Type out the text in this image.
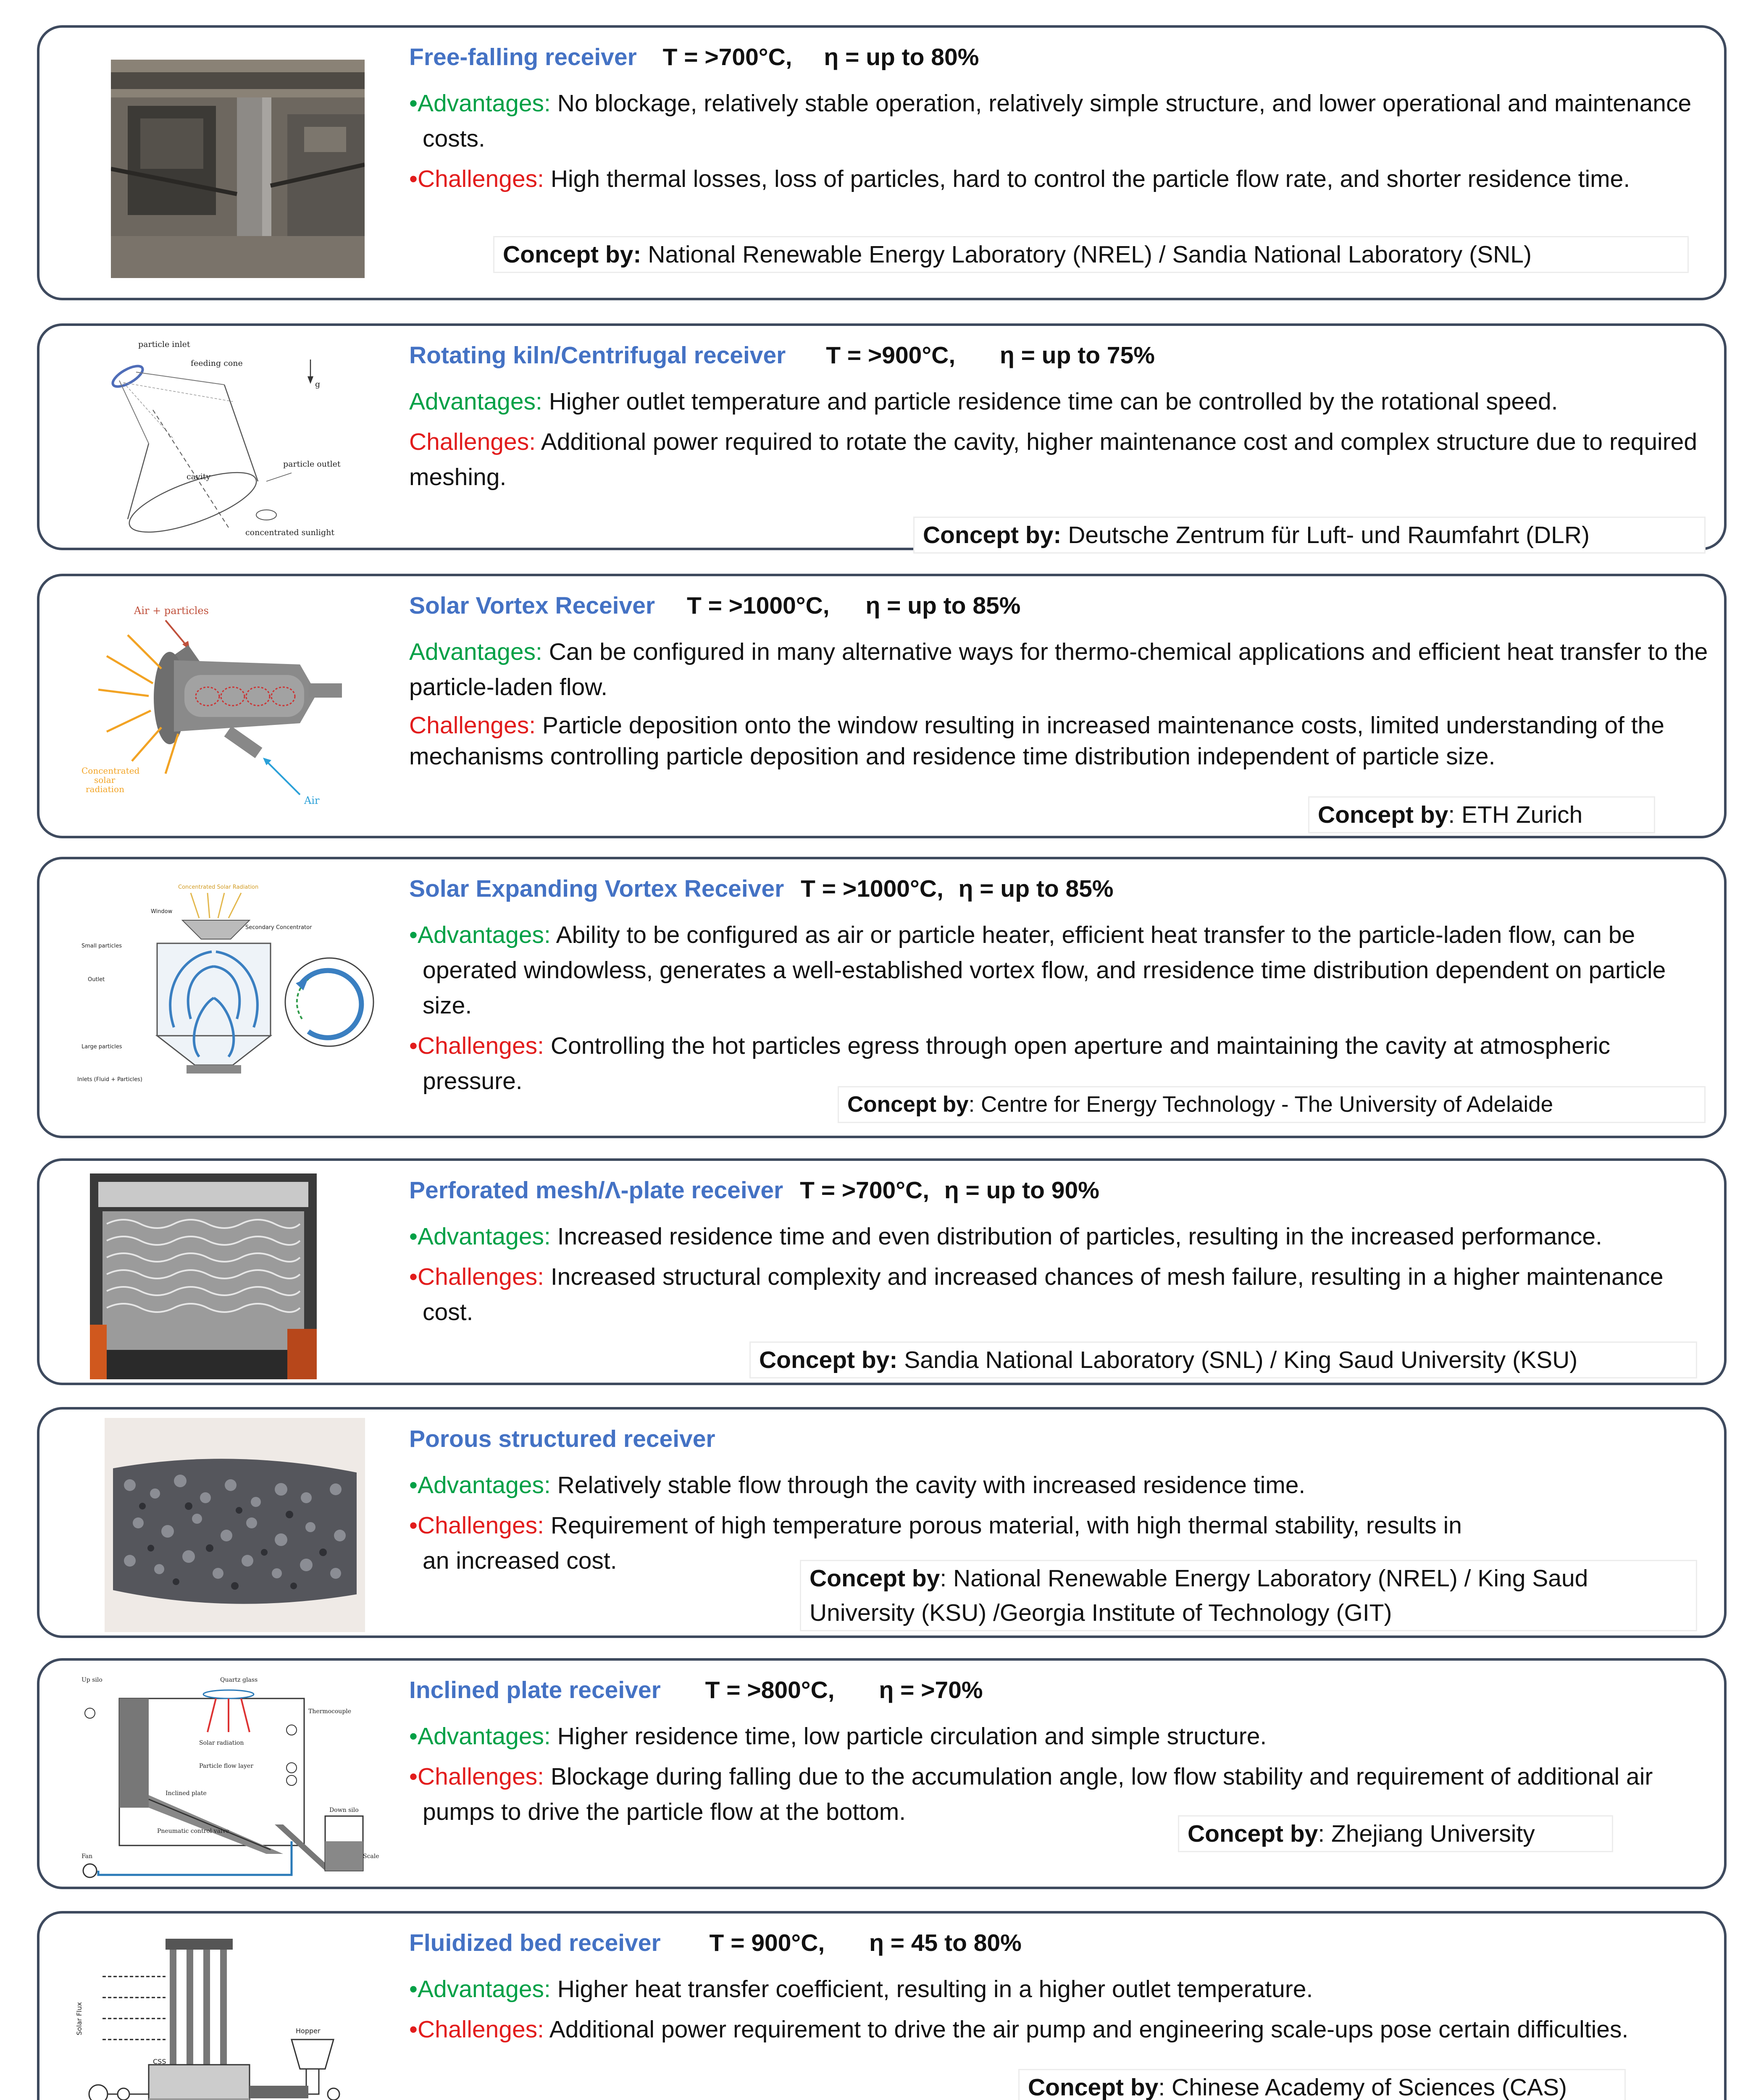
Free-falling receiver T = >700°C, η = up to 80%
•Advantages: No blockage, relatively stable operation, relatively simple structure, and lower operational and maintenance costs.
•Challenges: High thermal losses, loss of particles, hard to control the particle flow rate, and shorter residence time.
Concept by: National Renewable Energy Laboratory (NREL) / Sandia National Laboratory (SNL)
particle inlet
feeding cone
particle outlet
cavity
concentrated sunlight
g
Rotating kiln/Centrifugal receiver T = >900°C, η = up to 75%
Advantages: Higher outlet temperature and particle residence time can be controlled by the rotational speed.
Challenges: Additional power required to rotate the cavity, higher maintenance cost and complex structure due to required meshing.
Concept by: Deutsche Zentrum für Luft- und Raumfahrt (DLR)
Air + particles
Air
Concentrated
solar
radiation
Solar Vortex Receiver T = >1000°C, η = up to 85%
Advantages: Can be configured in many alternative ways for thermo-chemical applications and efficient heat transfer to the particle-laden flow.
Challenges: Particle deposition onto the window resulting in increased maintenance costs, limited understanding of the mechanisms controlling particle deposition and residence time distribution independent of particle size.
Concept by: ETH Zurich
Concentrated Solar Radiation
Window
Secondary Concentrator
Small particles
Outlet
Large particles
Inlets (Fluid + Particles)
Solar Expanding Vortex Receiver T = >1000°C, η = up to 85%
•Advantages: Ability to be configured as air or particle heater, efficient heat transfer to the particle-laden flow, can be operated windowless, generates a well-established vortex flow, and rresidence time distribution dependent on particle size.
•Challenges: Controlling the hot particles egress through open aperture and maintaining the cavity at atmospheric pressure.
Concept by: Centre for Energy Technology - The University of Adelaide
Perforated mesh/Λ-plate receiver T = >700°C, η = up to 90%
•Advantages: Increased residence time and even distribution of particles, resulting in the increased performance.
•Challenges: Increased structural complexity and increased chances of mesh failure, resulting in a higher maintenance cost.
Concept by: Sandia National Laboratory (SNL) / King Saud University (KSU)
Porous structured receiver
•Advantages: Relatively stable flow through the cavity with increased residence time.
•Challenges: Requirement of high temperature porous material, with high thermal stability, results in an increased cost.
Concept by: National Renewable Energy Laboratory (NREL) / King Saud University (KSU) /Georgia Institute of Technology (GIT)
Up silo	Quartz glass
Thermocouple
Solar radiation
Particle flow layer
Inclined plate
Pneumatic control valve
Down silo
Fan	Scale
Inclined plate receiver T = >800°C, η = >70%
•Advantages: Higher residence time, low particle circulation and simple structure.
•Challenges: Blockage during falling due to the accumulation angle, low flow stability and requirement of additional air pumps to drive the particle flow at the bottom.
Concept by: Zhejiang University
Solar Flux
CSS
Hopper
Fluidized bed receiver T = 900°C, η = 45 to 80%
•Advantages: Higher heat transfer coefficient, resulting in a higher outlet temperature.
•Challenges: Additional power requirement to drive the air pump and engineering scale-ups pose certain difficulties.
Concept by: Chinese Academy of Sciences (CAS)
